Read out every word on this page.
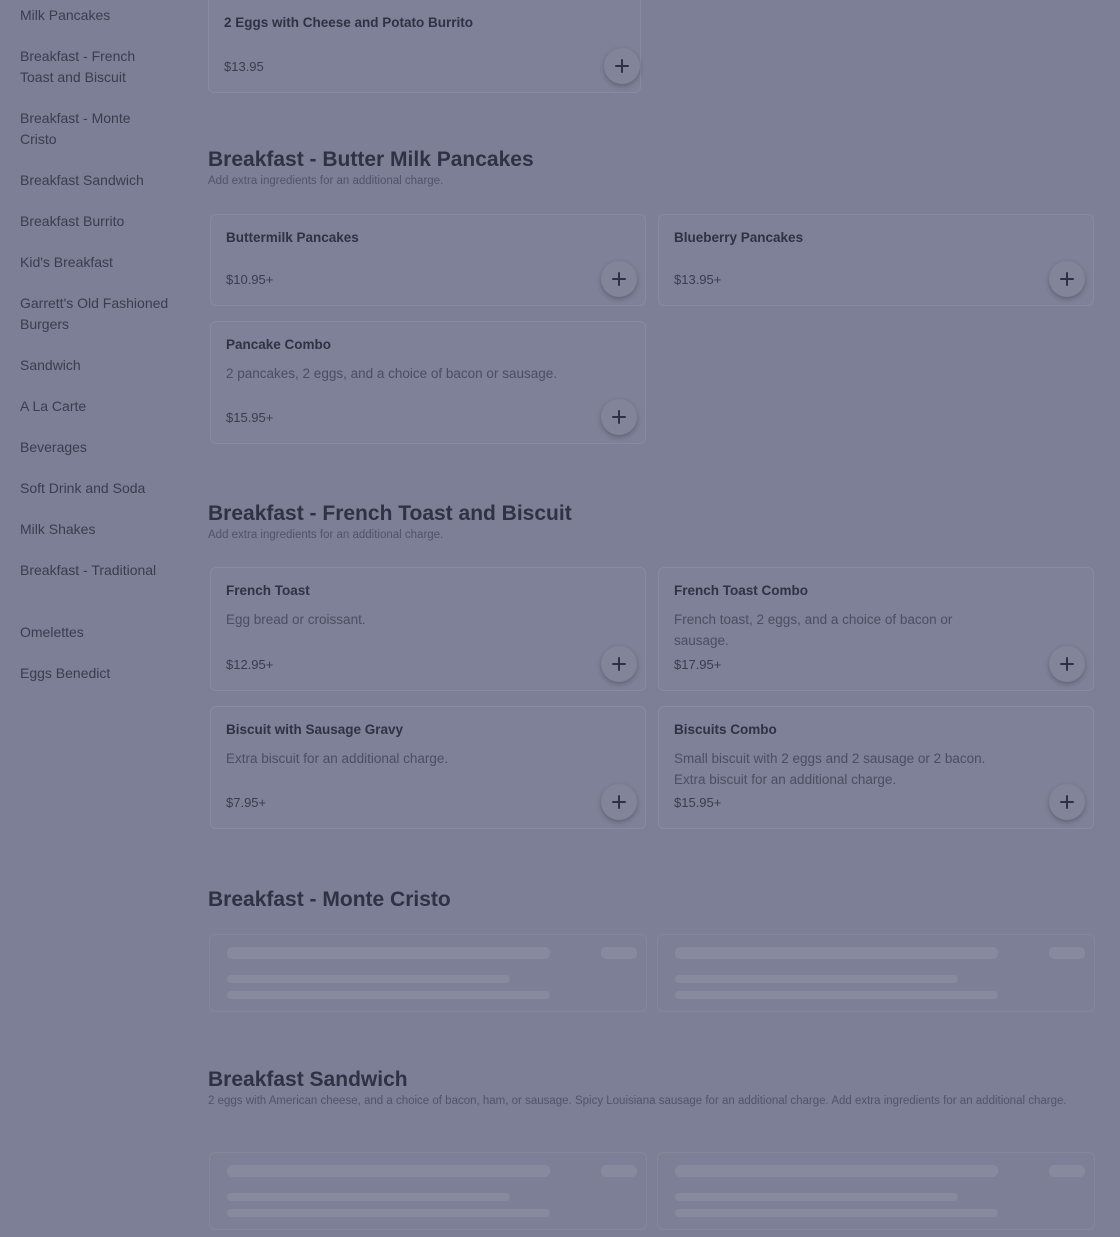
Milk Pancakes
Breakfast - French Toast and Biscuit
Breakfast - Monte Cristo
Breakfast Sandwich
Breakfast Burrito
Kid's Breakfast
Garrett's Old Fashioned Burgers
Sandwich
A La Carte
Beverages
Soft Drink and Soda
Milk Shakes
Breakfast - Traditional
Omelettes
Eggs Benedict
2 Eggs with Cheese and Potato Burrito
$13.95
Breakfast - Butter Milk Pancakes
Add extra ingredients for an additional charge.
Buttermilk Pancakes
$10.95+
Blueberry Pancakes
$13.95+
Pancake Combo
2 pancakes, 2 eggs, and a choice of bacon or sausage.
$15.95+
Breakfast - French Toast and Biscuit
Add extra ingredients for an additional charge.
French Toast
Egg bread or croissant.
$12.95+
French Toast Combo
French toast, 2 eggs, and a choice of bacon or sausage.
$17.95+
Biscuit with Sausage Gravy
Extra biscuit for an additional charge.
$7.95+
Biscuits Combo
Small biscuit with 2 eggs and 2 sausage or 2 bacon. Extra biscuit for an additional charge.
$15.95+
Breakfast - Monte Cristo
Breakfast Sandwich
2 eggs with American cheese, and a choice of bacon, ham, or sausage. Spicy Louisiana sausage for an additional charge. Add extra ingredients for an additional charge.
